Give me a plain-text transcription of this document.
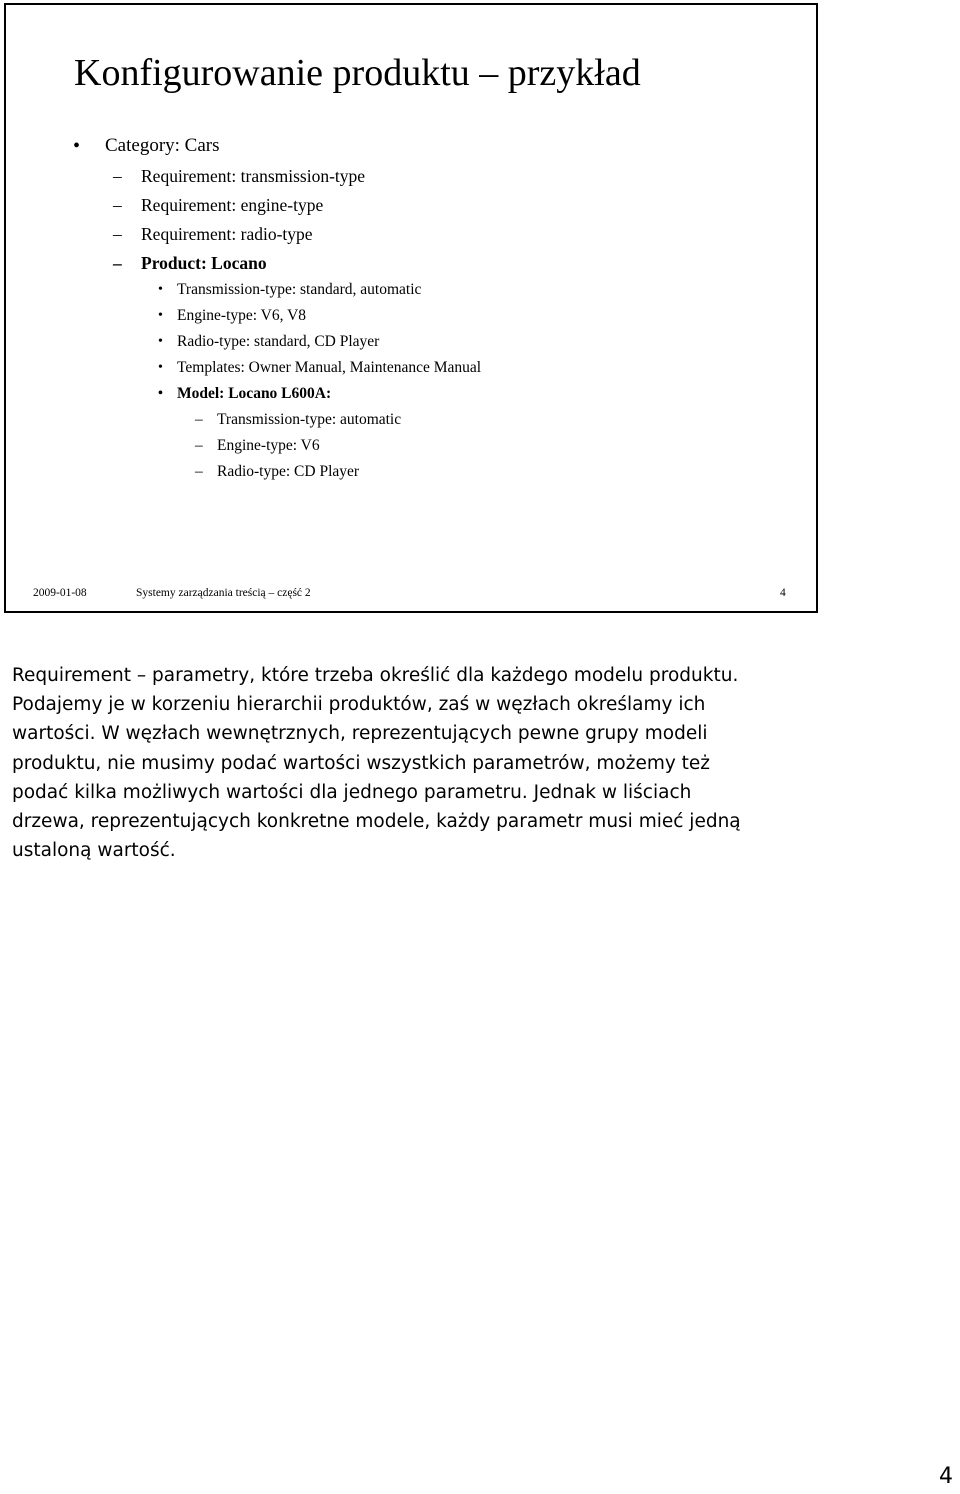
Konfigurowanie produktu – przykład
• Category: Cars
– Requirement: transmission-type
– Requirement: engine-type
– Requirement: radio-type
– Product: Locano
• Transmission-type: standard, automatic
• Engine-type: V6, V8
• Radio-type: standard, CD Player
• Templates: Owner Manual, Maintenance Manual
• Model: Locano L600A:
– Transmission-type: automatic
– Engine-type: V6
– Radio-type: CD Player
2009-01-08	Systemy zarządzania treścią – część 2	4
Requirement – parametry, które trzeba określić dla każdego modelu produktu.
Podajemy je w korzeniu hierarchii produktów, zaś w węzłach określamy ich
wartości. W węzłach wewnętrznych, reprezentujących pewne grupy modeli
produktu, nie musimy podać wartości wszystkich parametrów, możemy też
podać kilka możliwych wartości dla jednego parametru. Jednak w liściach
drzewa, reprezentujących konkretne modele, każdy parametr musi mieć jedną
ustaloną wartość.
4
